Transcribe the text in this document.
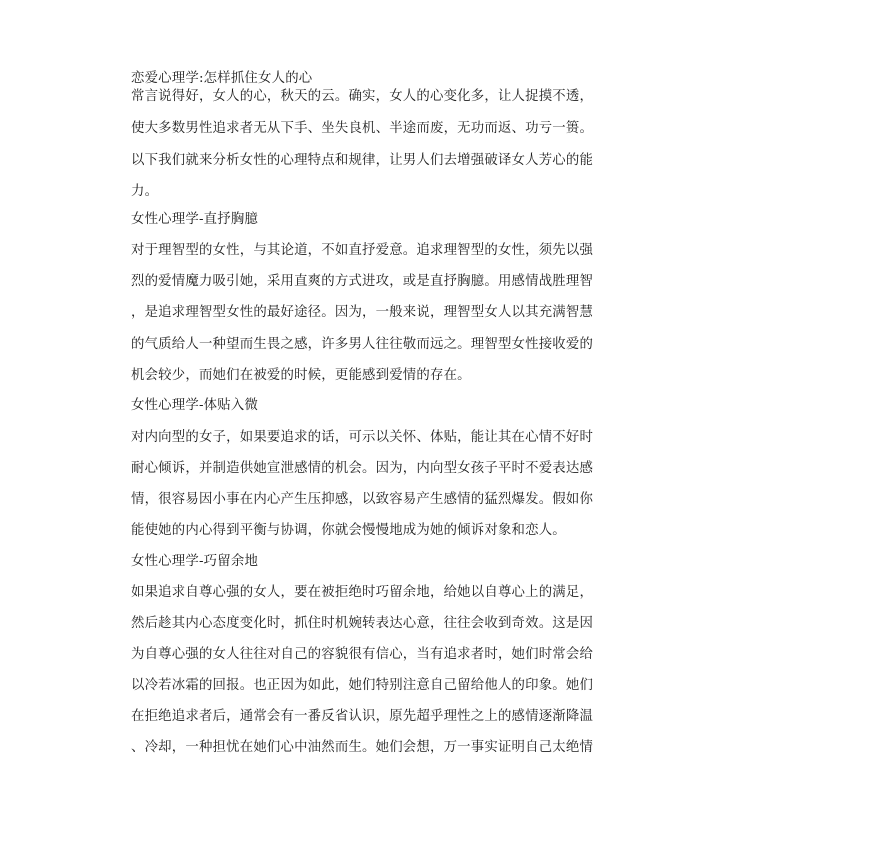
恋爱心理学:怎样抓住女人的心
常言说得好，女人的心，秋天的云。确实，女人的心变化多，让人捉摸不透，
使大多数男性追求者无从下手、坐失良机、半途而废，无功而返、功亏一篑。
以下我们就来分析女性的心理特点和规律，让男人们去增强破译女人芳心的能
力。
女性心理学-直抒胸臆
对于理智型的女性，与其论道，不如直抒爱意。追求理智型的女性，须先以强
烈的爱情魔力吸引她，采用直爽的方式进攻，或是直抒胸臆。用感情战胜理智
，是追求理智型女性的最好途径。因为，一般来说，理智型女人以其充满智慧
的气质给人一种望而生畏之感，许多男人往往敬而远之。理智型女性接收爱的
机会较少，而她们在被爱的时候，更能感到爱情的存在。
女性心理学-体贴入微
对内向型的女子，如果要追求的话，可示以关怀、体贴，能让其在心情不好时
耐心倾诉，并制造供她宣泄感情的机会。因为，内向型女孩子平时不爱表达感
情，很容易因小事在内心产生压抑感，以致容易产生感情的猛烈爆发。假如你
能使她的内心得到平衡与协调，你就会慢慢地成为她的倾诉对象和恋人。
女性心理学-巧留余地
如果追求自尊心强的女人，要在被拒绝时巧留余地，给她以自尊心上的满足，
然后趁其内心态度变化时，抓住时机婉转表达心意，往往会收到奇效。这是因
为自尊心强的女人往往对自己的容貌很有信心，当有追求者时，她们时常会给
以冷若冰霜的回报。也正因为如此，她们特别注意自己留给他人的印象。她们
在拒绝追求者后，通常会有一番反省认识，原先超乎理性之上的感情逐渐降温
、冷却，一种担忧在她们心中油然而生。她们会想，万一事实证明自己太绝情
